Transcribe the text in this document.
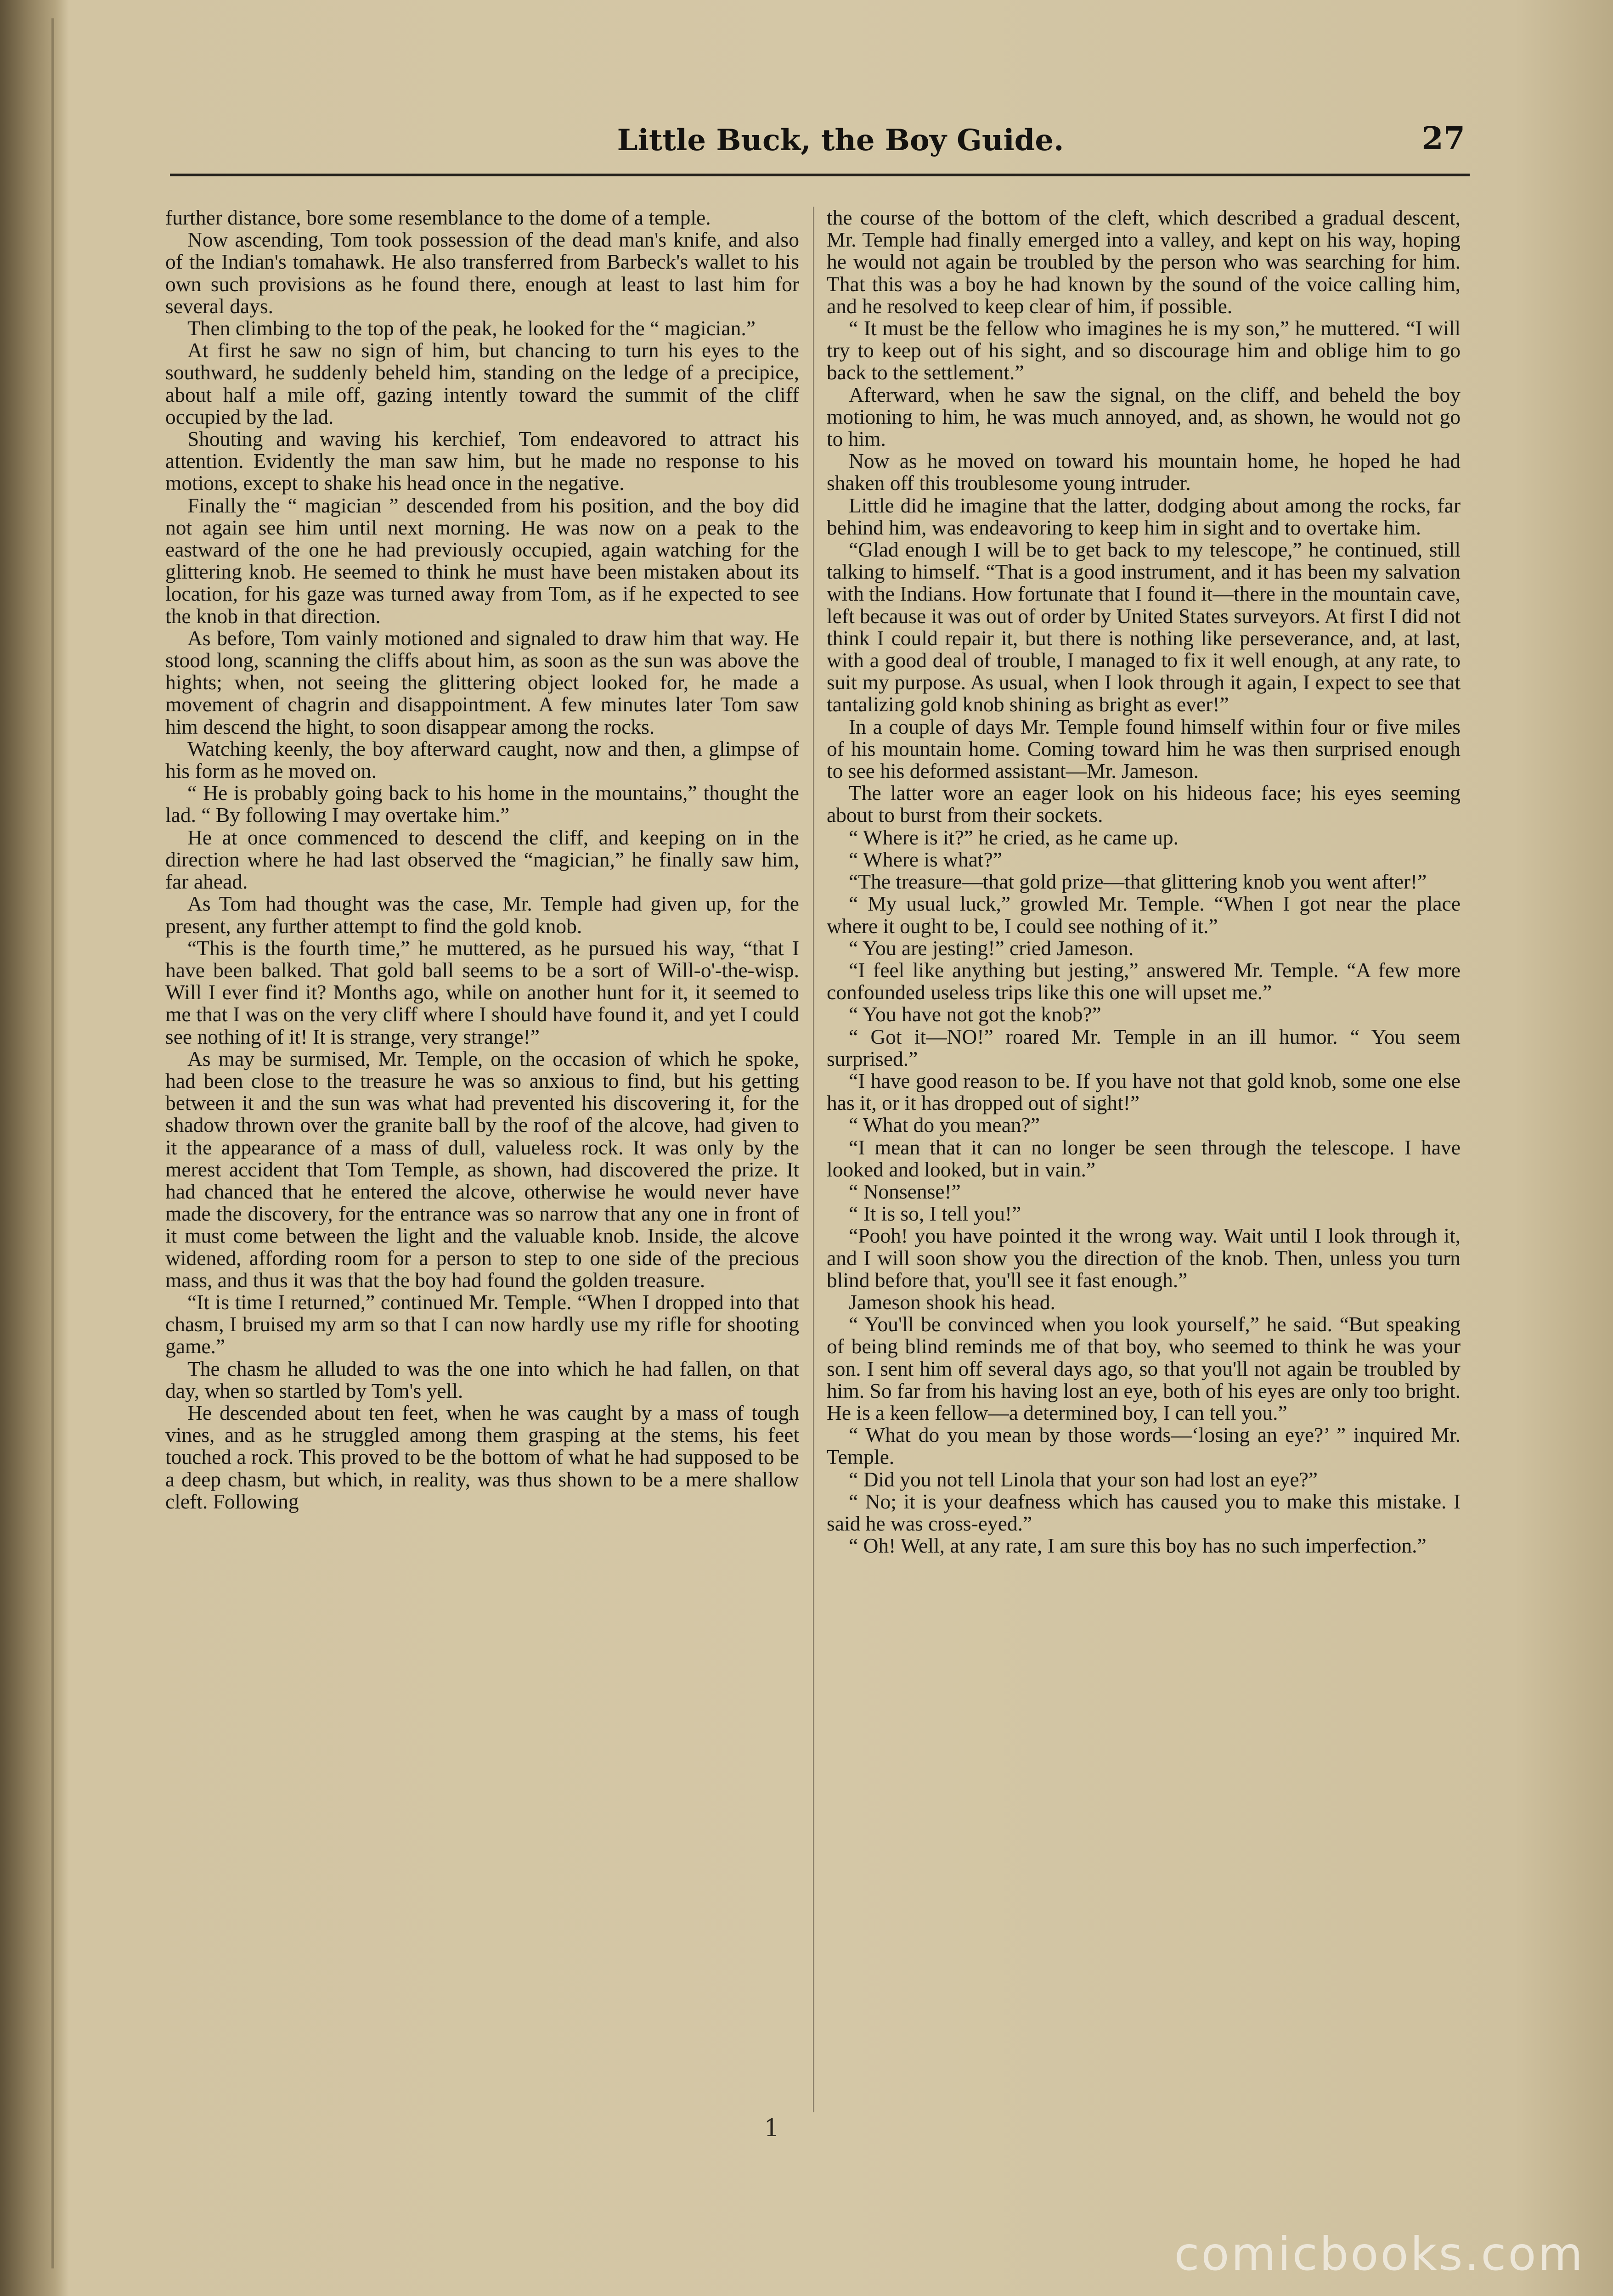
Little Buck, the Boy Guide.	27

further distance, bore some resemblance to the dome of a temple.

Now ascending, Tom took possession of the dead man's knife, and also of the Indian's tomahawk. He also transferred from Barbeck's wallet to his own such provisions as he found there, enough at least to last him for several days.

Then climbing to the top of the peak, he looked for the “ magician.”

At first he saw no sign of him, but chancing to turn his eyes to the southward, he suddenly beheld him, standing on the ledge of a precipice, about half a mile off, gazing intently toward the summit of the cliff occupied by the lad.

Shouting and waving his kerchief, Tom endeavored to attract his attention. Evidently the man saw him, but he made no response to his motions, except to shake his head once in the negative.

Finally the “ magician ” descended from his position, and the boy did not again see him until next morning. He was now on a peak to the eastward of the one he had previously occupied, again watching for the glittering knob. He seemed to think he must have been mistaken about its location, for his gaze was turned away from Tom, as if he expected to see the knob in that direction.

As before, Tom vainly motioned and signaled to draw him that way. He stood long, scanning the cliffs about him, as soon as the sun was above the hights; when, not seeing the glittering object looked for, he made a movement of chagrin and disappointment. A few minutes later Tom saw him descend the hight, to soon disappear among the rocks.

Watching keenly, the boy afterward caught, now and then, a glimpse of his form as he moved on.

“ He is probably going back to his home in the mountains,” thought the lad. “ By following I may overtake him.”

He at once commenced to descend the cliff, and keeping on in the direction where he had last observed the “magician,” he finally saw him, far ahead.

As Tom had thought was the case, Mr. Temple had given up, for the present, any further attempt to find the gold knob.

“This is the fourth time,” he muttered, as he pursued his way, “that I have been balked. That gold ball seems to be a sort of Will-o'-the-wisp. Will I ever find it? Months ago, while on another hunt for it, it seemed to me that I was on the very cliff where I should have found it, and yet I could see nothing of it! It is strange, very strange!”

As may be surmised, Mr. Temple, on the occasion of which he spoke, had been close to the treasure he was so anxious to find, but his getting between it and the sun was what had prevented his discovering it, for the shadow thrown over the granite ball by the roof of the alcove, had given to it the appearance of a mass of dull, valueless rock. It was only by the merest accident that Tom Temple, as shown, had discovered the prize. It had chanced that he entered the alcove, otherwise he would never have made the discovery, for the entrance was so narrow that any one in front of it must come between the light and the valuable knob. Inside, the alcove widened, affording room for a person to step to one side of the precious mass, and thus it was that the boy had found the golden treasure.

“It is time I returned,” continued Mr. Temple. “When I dropped into that chasm, I bruised my arm so that I can now hardly use my rifle for shooting game.”

The chasm he alluded to was the one into which he had fallen, on that day, when so startled by Tom's yell.

He descended about ten feet, when he was caught by a mass of tough vines, and as he struggled among them grasping at the stems, his feet touched a rock. This proved to be the bottom of what he had supposed to be a deep chasm, but which, in reality, was thus shown to be a mere shallow cleft. Following

the course of the bottom of the cleft, which described a gradual descent, Mr. Temple had finally emerged into a valley, and kept on his way, hoping he would not again be troubled by the person who was searching for him. That this was a boy he had known by the sound of the voice calling him, and he resolved to keep clear of him, if possible.

“ It must be the fellow who imagines he is my son,” he muttered. “I will try to keep out of his sight, and so discourage him and oblige him to go back to the settlement.”

Afterward, when he saw the signal, on the cliff, and beheld the boy motioning to him, he was much annoyed, and, as shown, he would not go to him.

Now as he moved on toward his mountain home, he hoped he had shaken off this troublesome young intruder.

Little did he imagine that the latter, dodging about among the rocks, far behind him, was endeavoring to keep him in sight and to overtake him.

“Glad enough I will be to get back to my telescope,” he continued, still talking to himself. “That is a good instrument, and it has been my salvation with the Indians. How fortunate that I found it—there in the mountain cave, left because it was out of order by United States surveyors. At first I did not think I could repair it, but there is nothing like perseverance, and, at last, with a good deal of trouble, I managed to fix it well enough, at any rate, to suit my purpose. As usual, when I look through it again, I expect to see that tantalizing gold knob shining as bright as ever!”

In a couple of days Mr. Temple found himself within four or five miles of his mountain home. Coming toward him he was then surprised enough to see his deformed assistant—Mr. Jameson.

The latter wore an eager look on his hideous face; his eyes seeming about to burst from their sockets.

“ Where is it?” he cried, as he came up.

“ Where is what?”

“The treasure—that gold prize—that glittering knob you went after!”

“ My usual luck,” growled Mr. Temple. “When I got near the place where it ought to be, I could see nothing of it.”

“ You are jesting!” cried Jameson.

“I feel like anything but jesting,” answered Mr. Temple. “A few more confounded useless trips like this one will upset me.”

“ You have not got the knob?”

“ Got it—NO!” roared Mr. Temple in an ill humor. “ You seem surprised.”

“I have good reason to be. If you have not that gold knob, some one else has it, or it has dropped out of sight!”

“ What do you mean?”

“I mean that it can no longer be seen through the telescope. I have looked and looked, but in vain.”

“ Nonsense!”

“ It is so, I tell you!”

“Pooh! you have pointed it the wrong way. Wait until I look through it, and I will soon show you the direction of the knob. Then, unless you turn blind before that, you'll see it fast enough.”

Jameson shook his head.

“ You'll be convinced when you look yourself,” he said. “But speaking of being blind reminds me of that boy, who seemed to think he was your son. I sent him off several days ago, so that you'll not again be troubled by him. So far from his having lost an eye, both of his eyes are only too bright. He is a keen fellow—a determined boy, I can tell you.”

“ What do you mean by those words—‘losing an eye?’ ” inquired Mr. Temple.

“ Did you not tell Linola that your son had lost an eye?”

“ No; it is your deafness which has caused you to make this mistake. I said he was cross-eyed.”

“ Oh! Well, at any rate, I am sure this boy has no such imperfection.”

1
comicbooks.com
